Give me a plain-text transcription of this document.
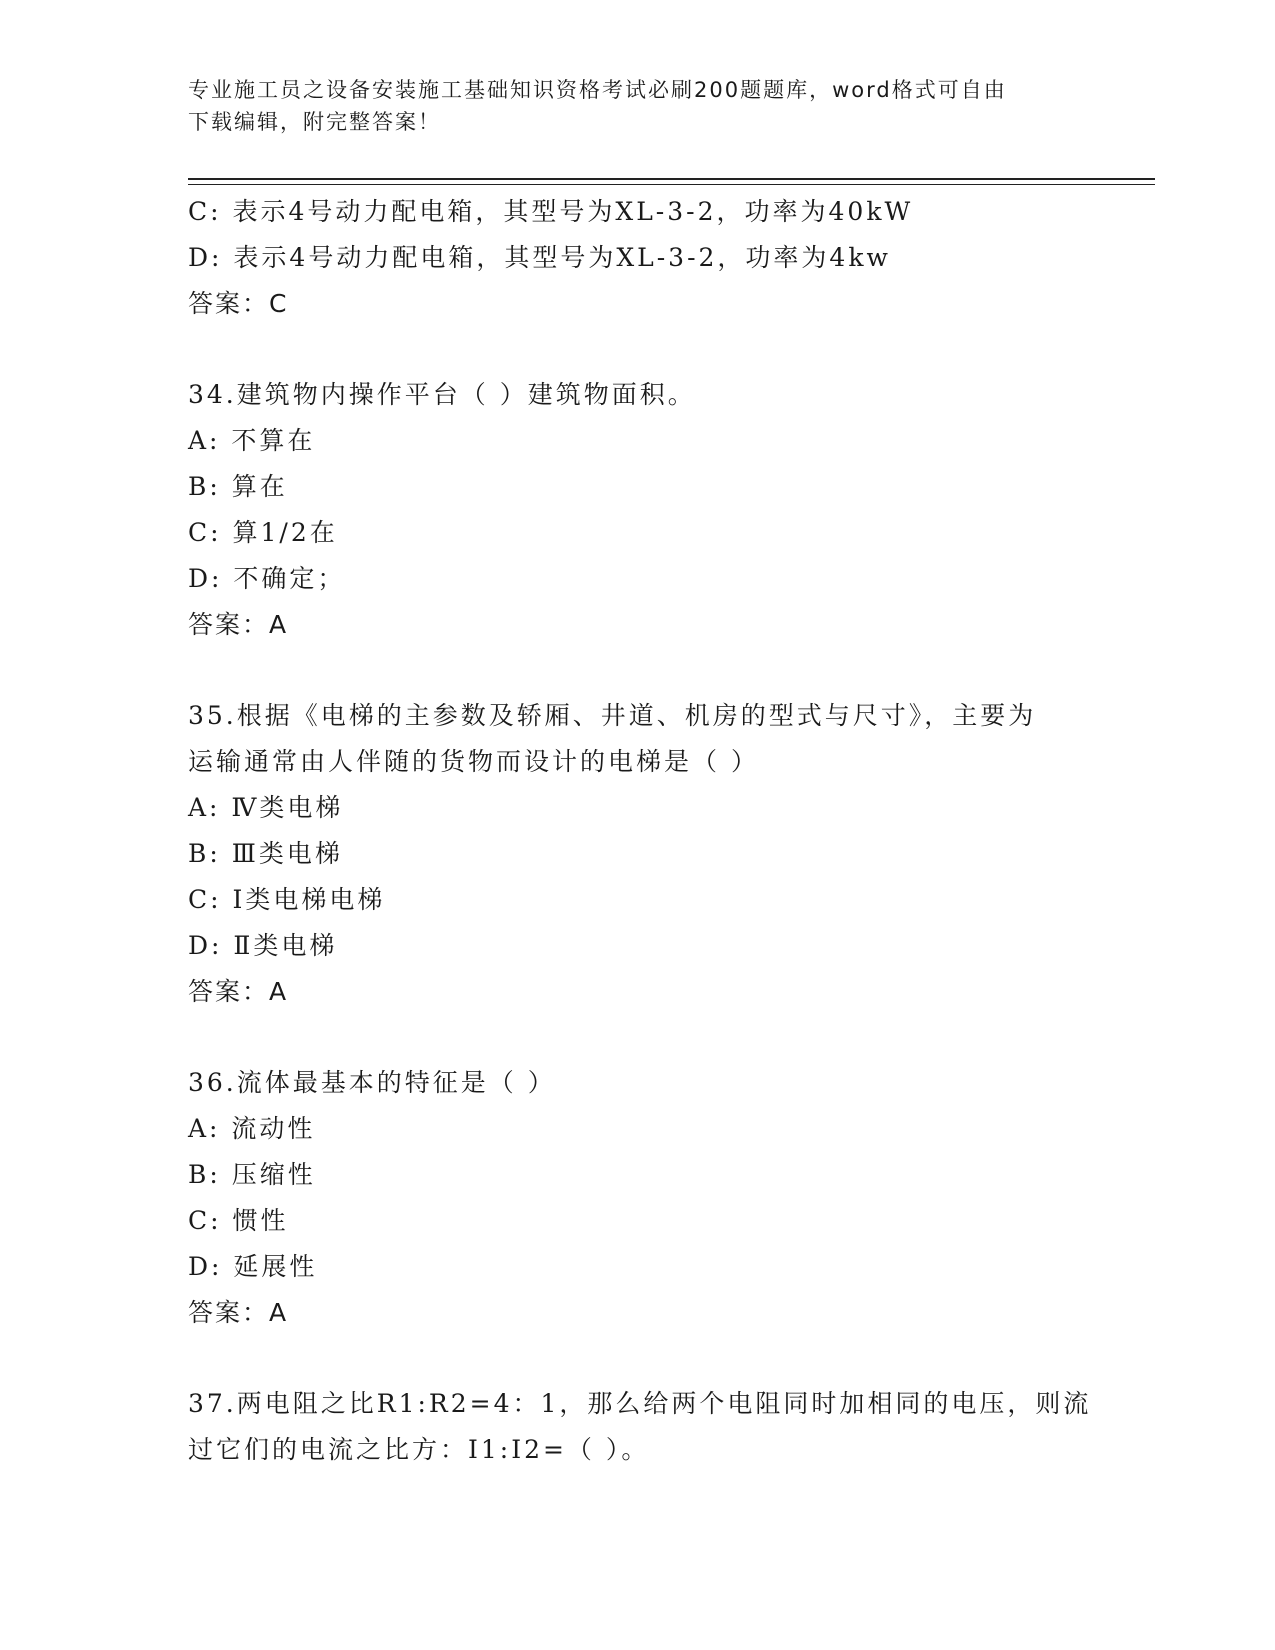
专业施工员之设备安装施工基础知识资格考试必刷200题题库，word格式可自由
下载编辑，附完整答案！
C: 表示4号动力配电箱，其型号为XL-3-2，功率为40kW
D: 表示4号动力配电箱，其型号为XL-3-2，功率为4kw
答案：C
34.建筑物内操作平台（ ）建筑物面积。
A: 不算在
B: 算在
C: 算1/2在
D: 不确定；
答案：A
35.根据《电梯的主参数及轿厢、井道、机房的型式与尺寸》，主要为
运输通常由人伴随的货物而设计的电梯是（ ）
A: Ⅳ类电梯
B: Ⅲ类电梯
C: Ⅰ类电梯电梯
D: Ⅱ类电梯
答案：A
36.流体最基本的特征是（ ）
A: 流动性
B: 压缩性
C: 惯性
D: 延展性
答案：A
37.两电阻之比R1:R2=4：1，那么给两个电阻同时加相同的电压，则流
过它们的电流之比方：I1:I2=（ ）。
